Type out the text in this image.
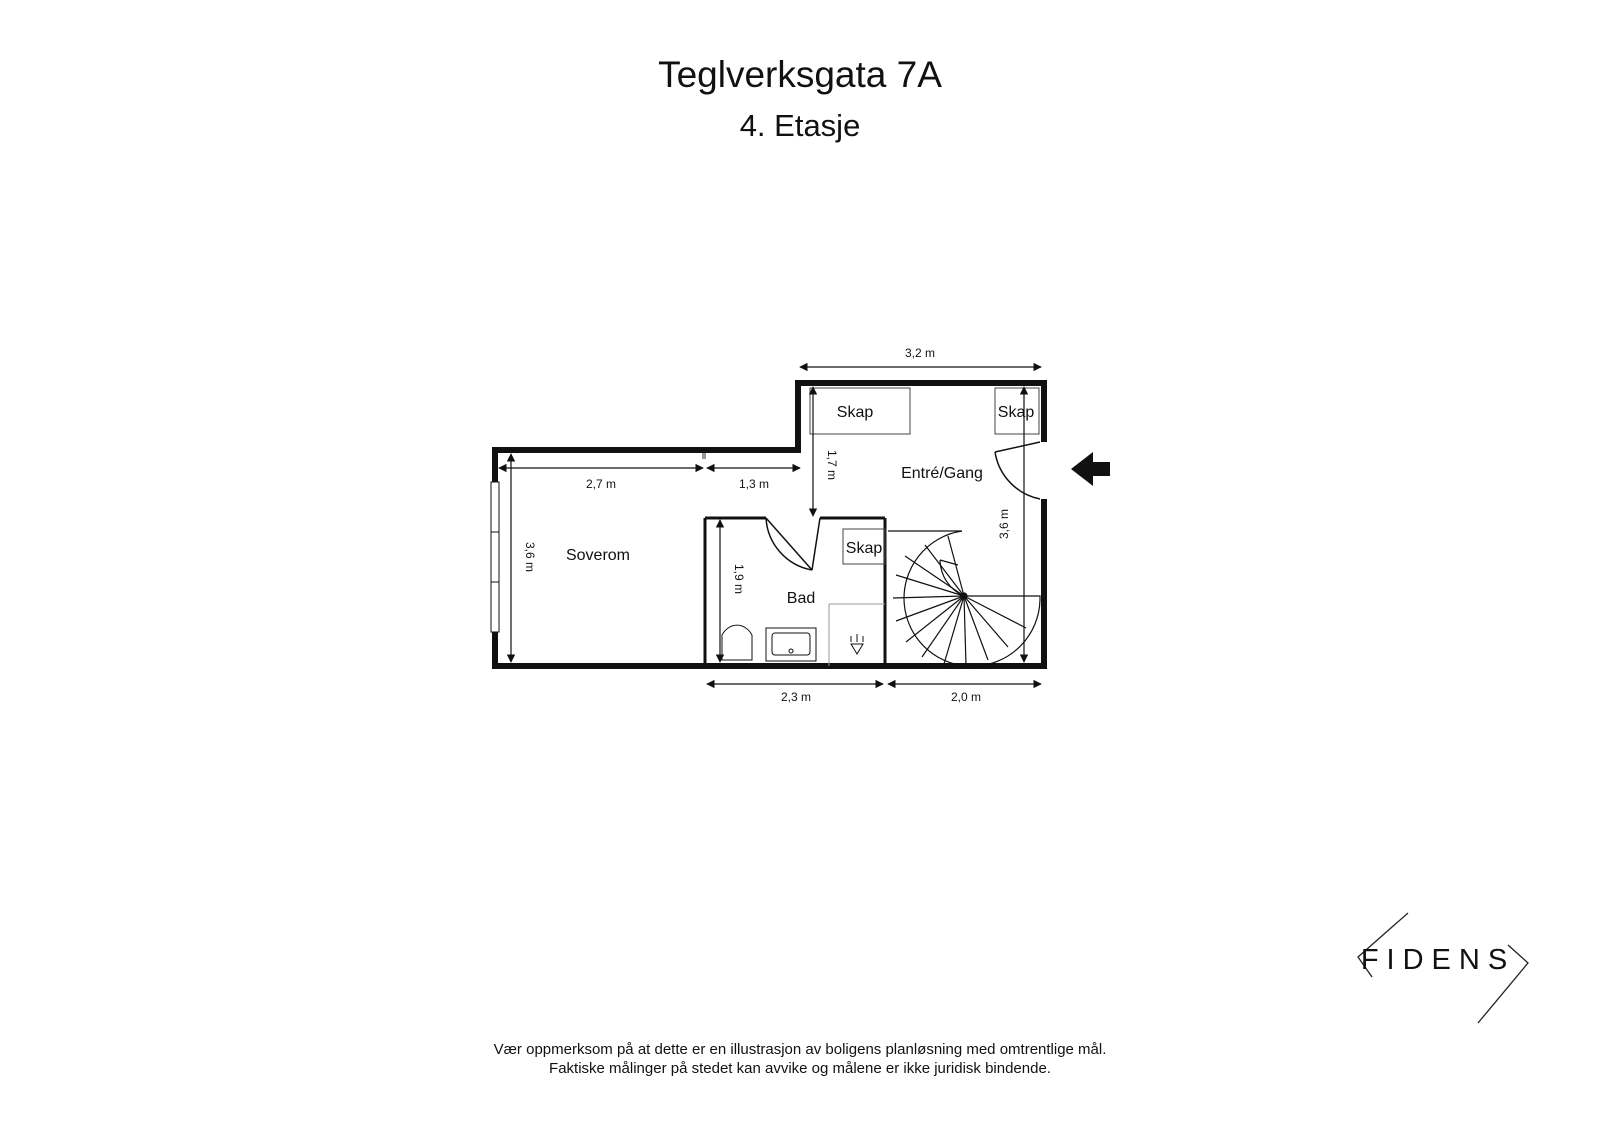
Teglverksgata 7A
4. Etasje
Soverom
Bad
Entré/Gang
Skap	Skap
Skap
3,2 m
2,7 m	1,3 m
1,7 m
3,6 m
1,9 m
3,6 m
2,3 m	2,0 m
FIDENS
Vær oppmerksom på at dette er en illustrasjon av boligens planløsning med omtrentlige mål.
Faktiske målinger på stedet kan avvike og målene er ikke juridisk bindende.
